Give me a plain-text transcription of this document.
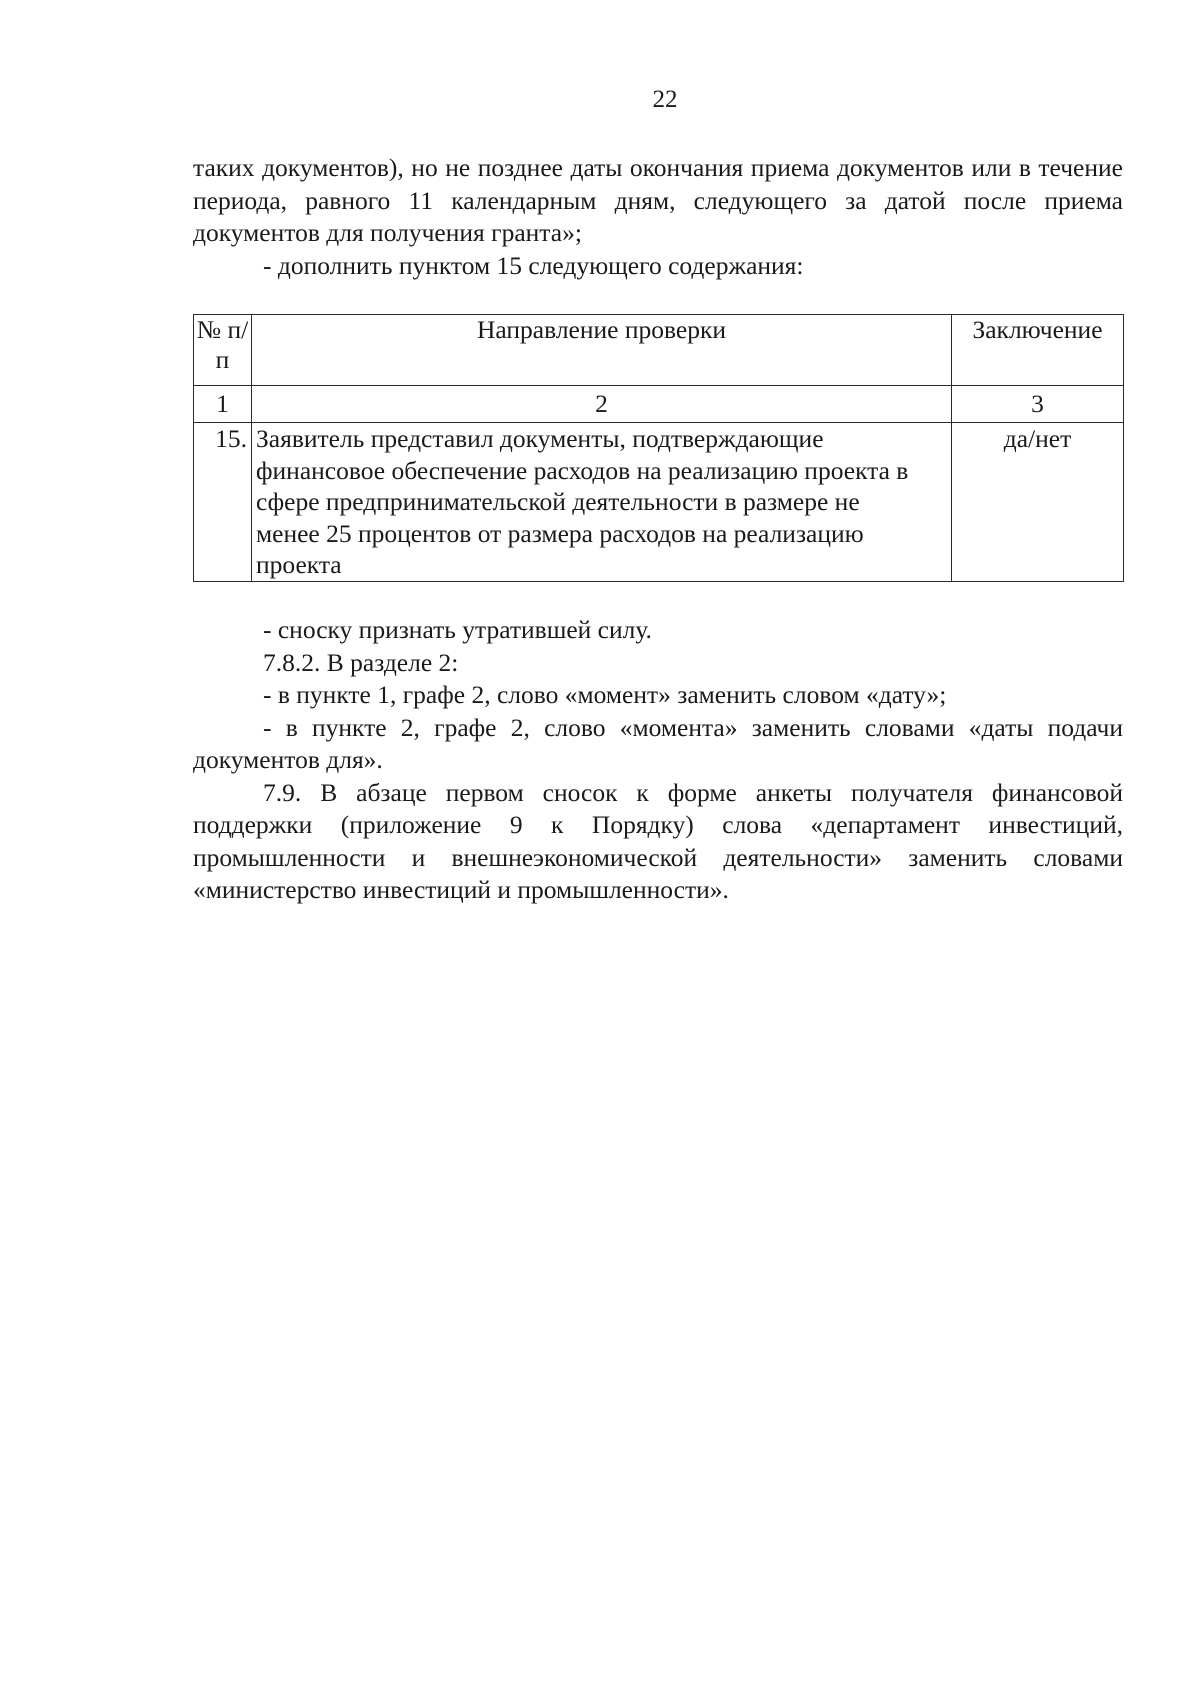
22

таких документов), но не позднее даты окончания приема документов или в течение периода, равного 11 календарным дням, следующего за датой после приема документов для получения гранта»;

- дополнить пунктом 15 следующего содержания:

№ п/п	Направление проверки	Заключение
1	2	3
15.	Заявитель представил документы, подтверждающие финансовое обеспечение расходов на реализацию проекта в сфере предпринимательской деятельности в размере не менее 25 процентов от размера расходов на реализацию проекта	да/нет

- сноску признать утратившей силу.

7.8.2. В разделе 2:

- в пункте 1, графе 2, слово «момент» заменить словом «дату»;

- в пункте 2, графе 2, слово «момента» заменить словами «даты подачи документов для».

7.9. В абзаце первом сносок к форме анкеты получателя финансовой поддержки (приложение 9 к Порядку) слова «департамент инвестиций, промышленности и внешнеэкономической деятельности» заменить словами «министерство инвестиций и промышленности».
